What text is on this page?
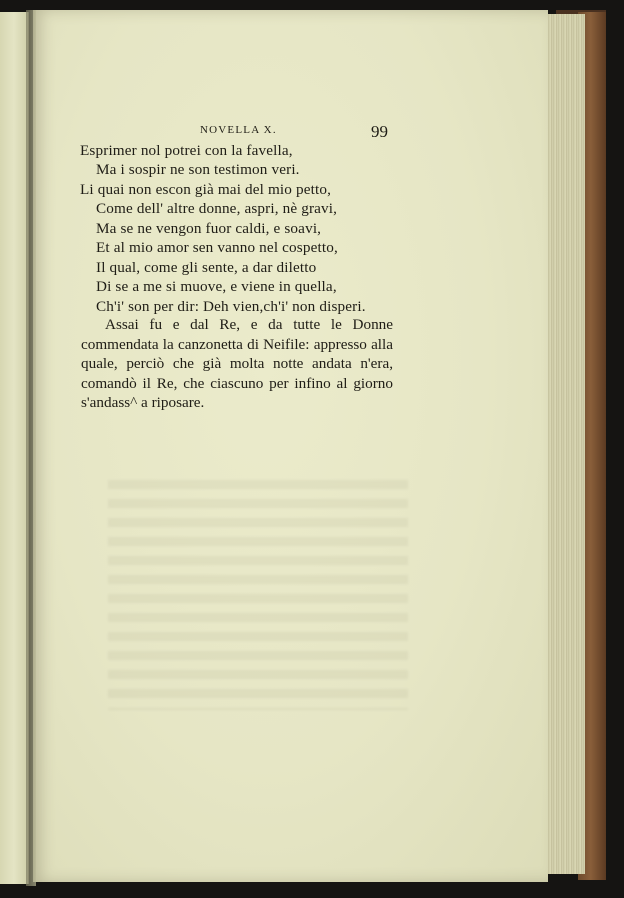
NOVELLA X.	99
Esprimer nol potrei con la favella,
Ma i sospir ne son testimon veri.
Li quai non escon già mai del mio petto,
Come dell' altre donne, aspri, nè gravi,
Ma se ne vengon fuor caldi, e soavi,
Et al mio amor sen vanno nel cospetto,
Il qual, come gli sente, a dar diletto
Di se a me si muove, e viene in quella,
Ch'i' son per dir: Deh vien,ch'i' non disperi.

Assai fu e dal Re, e da tutte le Donne commendata la canzonetta di Neifile: appresso alla quale, perciò che già molta notte andata n'era, comandò il Re, che ciascuno per infino al giorno s'andass^ a riposare.
